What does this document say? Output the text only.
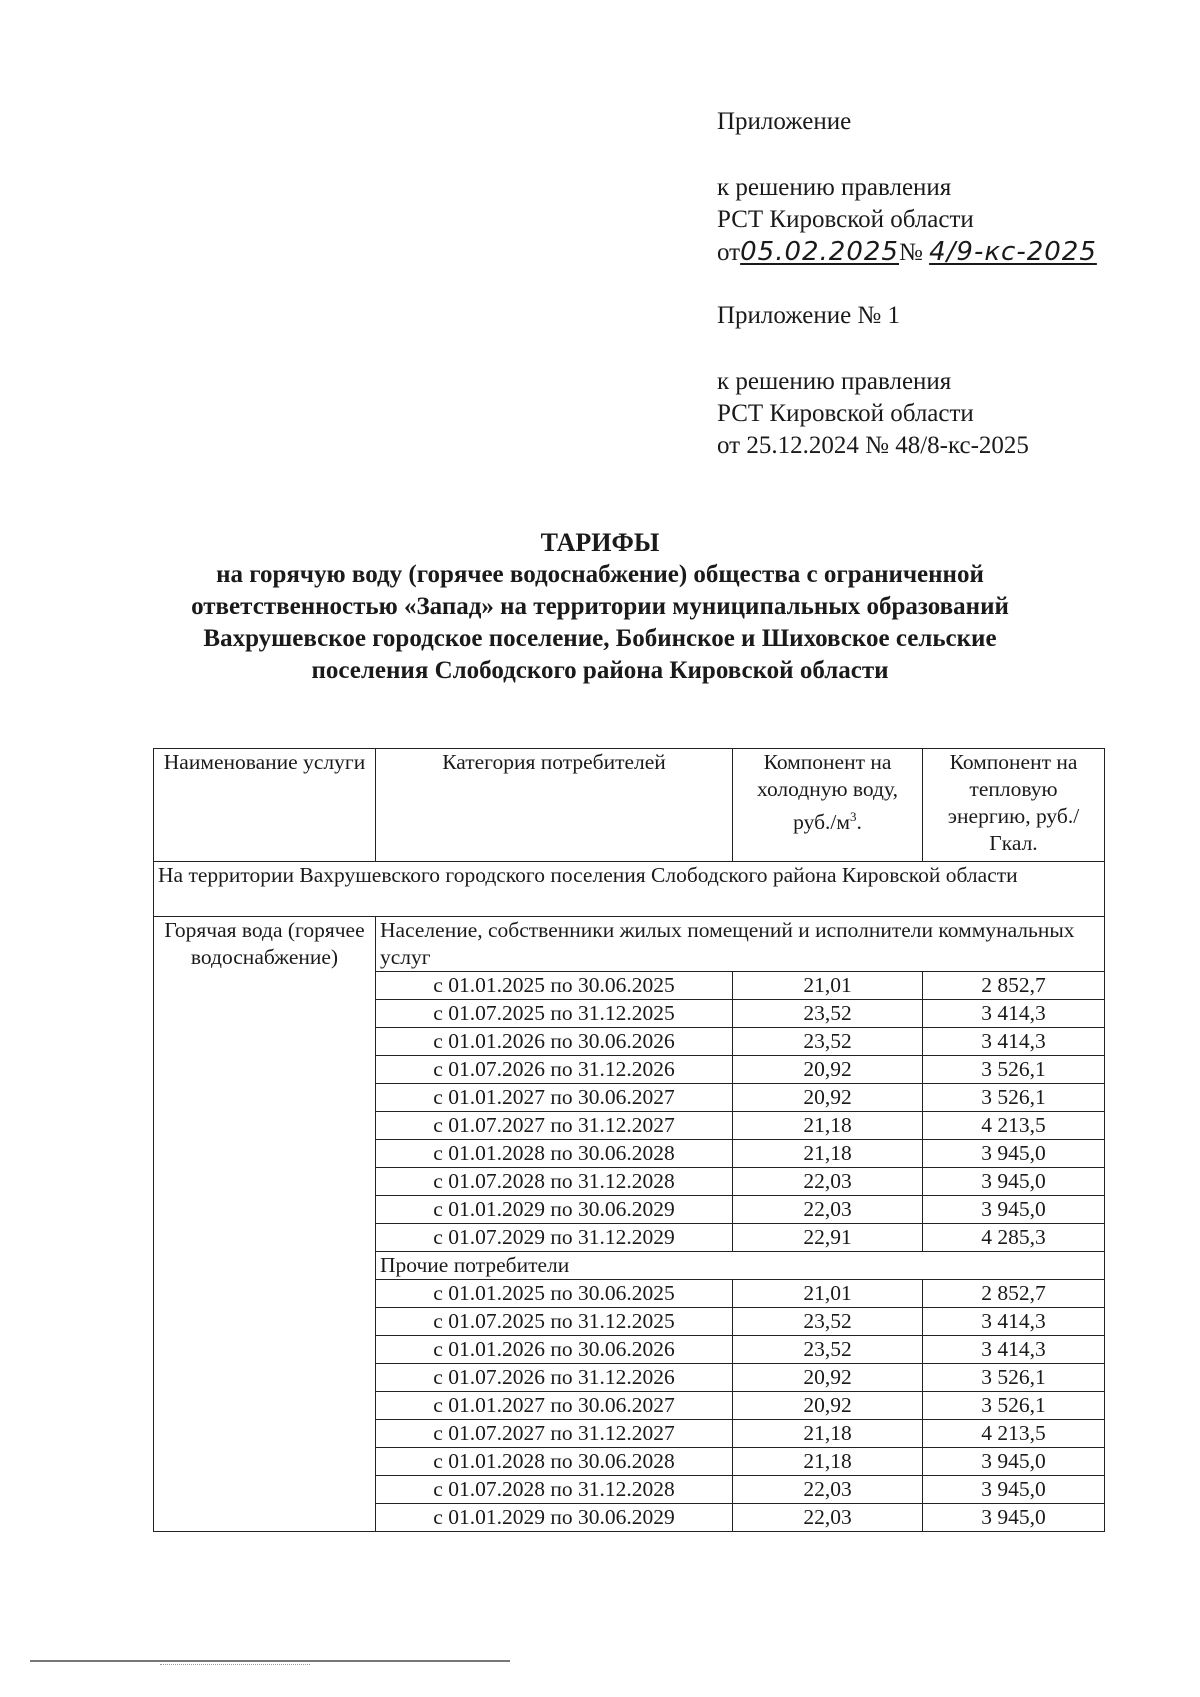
Приложение
к решению правления
РСТ Кировской области
от05.02.2025№ 4/9-кс-2025
Приложение № 1
к решению правления
РСТ Кировской области
от 25.12.2024 № 48/8-кс-2025
ТАРИФЫ
на горячую воду (горячее водоснабжение) общества с ограниченной
ответственностью «Запад» на территории муниципальных образований
Вахрушевское городское поселение, Бобинское и Шиховское сельские
поселения Слободского района Кировской области
Наименование услуги	Категория потребителей	Компонент на холодную воду, $руб./м^3$.	Компонент на тепловую энергию, руб./Гкал.
На территории Вахрушевского городского поселения Слободского района Кировской области			
Горячая вода (горячее водоснабжение)	Население, собственники жилых помещений и исполнители коммунальных услуг		
	с 01.01.2025 по 30.06.2025	21,01	2 852,7
	с 01.07.2025 по 31.12.2025	23,52	3 414,3
	с 01.01.2026 по 30.06.2026	23,52	3 414,3
	с 01.07.2026 по 31.12.2026	20,92	3 526,1
	с 01.01.2027 по 30.06.2027	20,92	3 526,1
	с 01.07.2027 по 31.12.2027	21,18	4 213,5
	с 01.01.2028 по 30.06.2028	21,18	3 945,0
	с 01.07.2028 по 31.12.2028	22,03	3 945,0
	с 01.01.2029 по 30.06.2029	22,03	3 945,0
	с 01.07.2029 по 31.12.2029	22,91	4 285,3
	Прочие потребители		
	с 01.01.2025 по 30.06.2025	21,01	2 852,7
	с 01.07.2025 по 31.12.2025	23,52	3 414,3
	с 01.01.2026 по 30.06.2026	23,52	3 414,3
	с 01.07.2026 по 31.12.2026	20,92	3 526,1
	с 01.01.2027 по 30.06.2027	20,92	3 526,1
	с 01.07.2027 по 31.12.2027	21,18	4 213,5
	с 01.01.2028 по 30.06.2028	21,18	3 945,0
	с 01.07.2028 по 31.12.2028	22,03	3 945,0
	с 01.01.2029 по 30.06.2029	22,03	3 945,0
